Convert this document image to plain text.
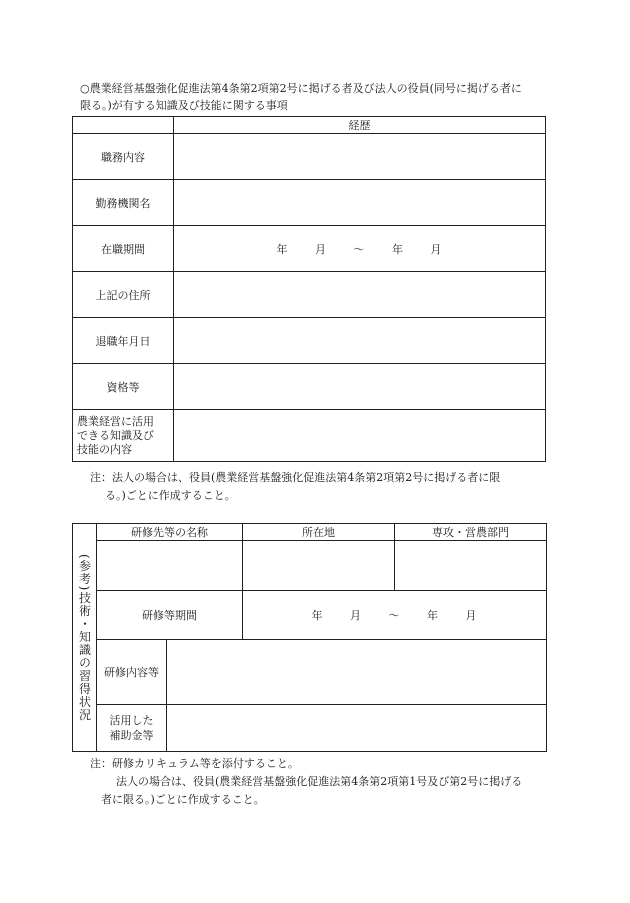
○農業経営基盤強化促進法第4条第2項第2号に掲げる者及び法人の役員(同号に掲げる者に
限る。)が有する知識及び技能に関する事項
	経歴
職務内容	
勤務機関名	
在職期間	年 月 ～ 年 月
上記の住所	
退職年月日	
資格等	

農業経営に活用
できる知識及び
技能の内容	

注：法人の場合は、役員(農業経営基盤強化促進法第4条第2項第2号に掲げる者に限
る。)ごとに作成すること。
(参考)技術・知識の習得状況	研修先等の名称		所在地	専攻・営農部門

	研修等期間		年 月 ～ 年 月	
	研修内容等			

	活用した
補助金等			

注：研修カリキュラム等を添付すること。
法人の場合は、役員(農業経営基盤強化促進法第4条第2項第1号及び第2号に掲げる
者に限る。)ごとに作成すること。
